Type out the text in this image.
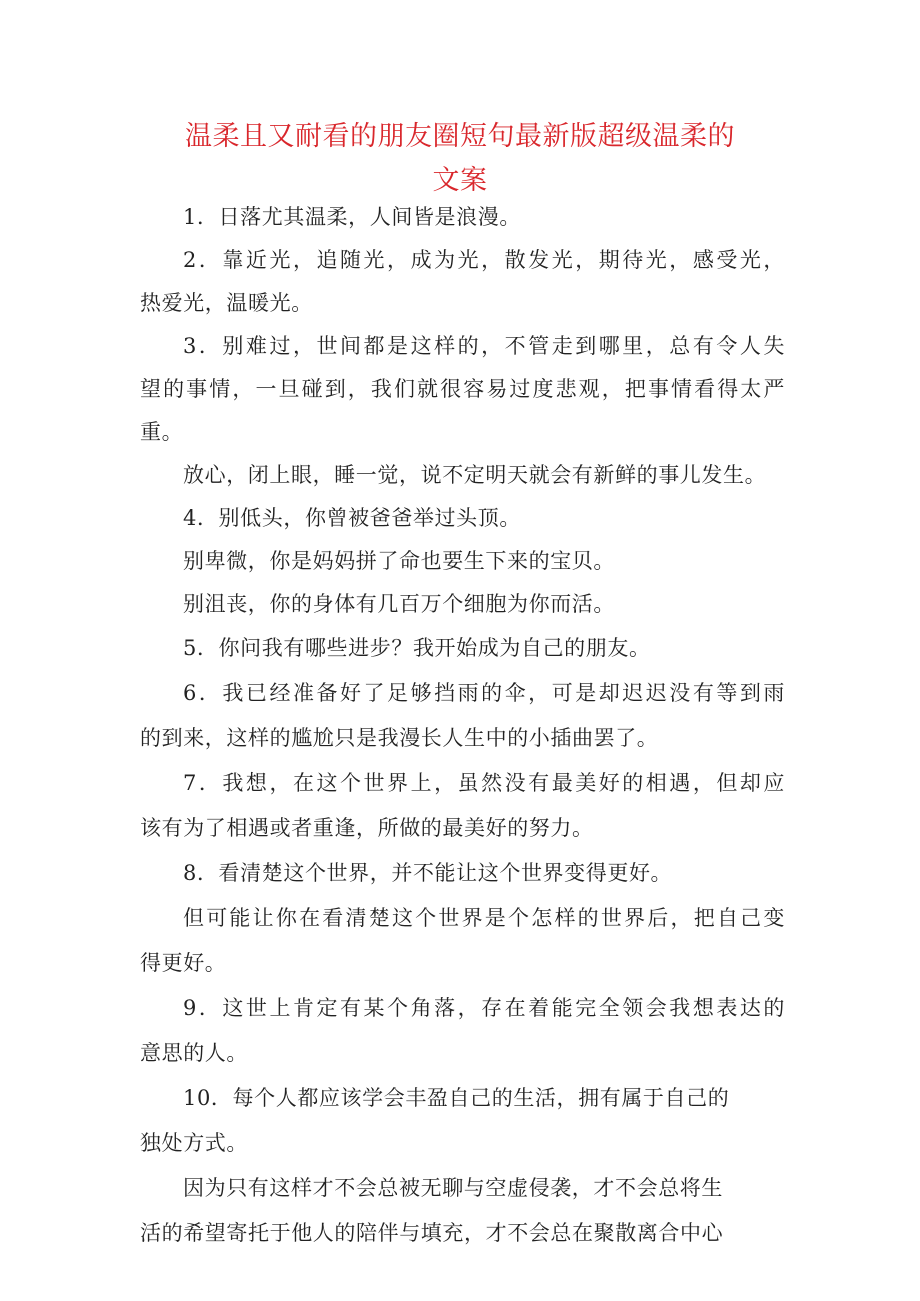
温柔且又耐看的朋友圈短句最新版超级温柔的
文案
1．日落尤其温柔，人间皆是浪漫。
2．靠近光，追随光，成为光，散发光，期待光，感受光，
热爱光，温暖光。
3．别难过，世间都是这样的，不管走到哪里，总有令人失
望的事情，一旦碰到，我们就很容易过度悲观，把事情看得太严
重。
放心，闭上眼，睡一觉，说不定明天就会有新鲜的事儿发生。
4．别低头，你曾被爸爸举过头顶。
别卑微，你是妈妈拼了命也要生下来的宝贝。
别沮丧，你的身体有几百万个细胞为你而活。
5．你问我有哪些进步？我开始成为自己的朋友。
6．我已经准备好了足够挡雨的伞，可是却迟迟没有等到雨
的到来，这样的尴尬只是我漫长人生中的小插曲罢了。
7．我想，在这个世界上，虽然没有最美好的相遇，但却应
该有为了相遇或者重逢，所做的最美好的努力。
8．看清楚这个世界，并不能让这个世界变得更好。
但可能让你在看清楚这个世界是个怎样的世界后，把自己变
得更好。
9．这世上肯定有某个角落，存在着能完全领会我想表达的
意思的人。
10．每个人都应该学会丰盈自己的生活，拥有属于自己的
独处方式。
因为只有这样才不会总被无聊与空虚侵袭，才不会总将生
活的希望寄托于他人的陪伴与填充，才不会总在聚散离合中心
